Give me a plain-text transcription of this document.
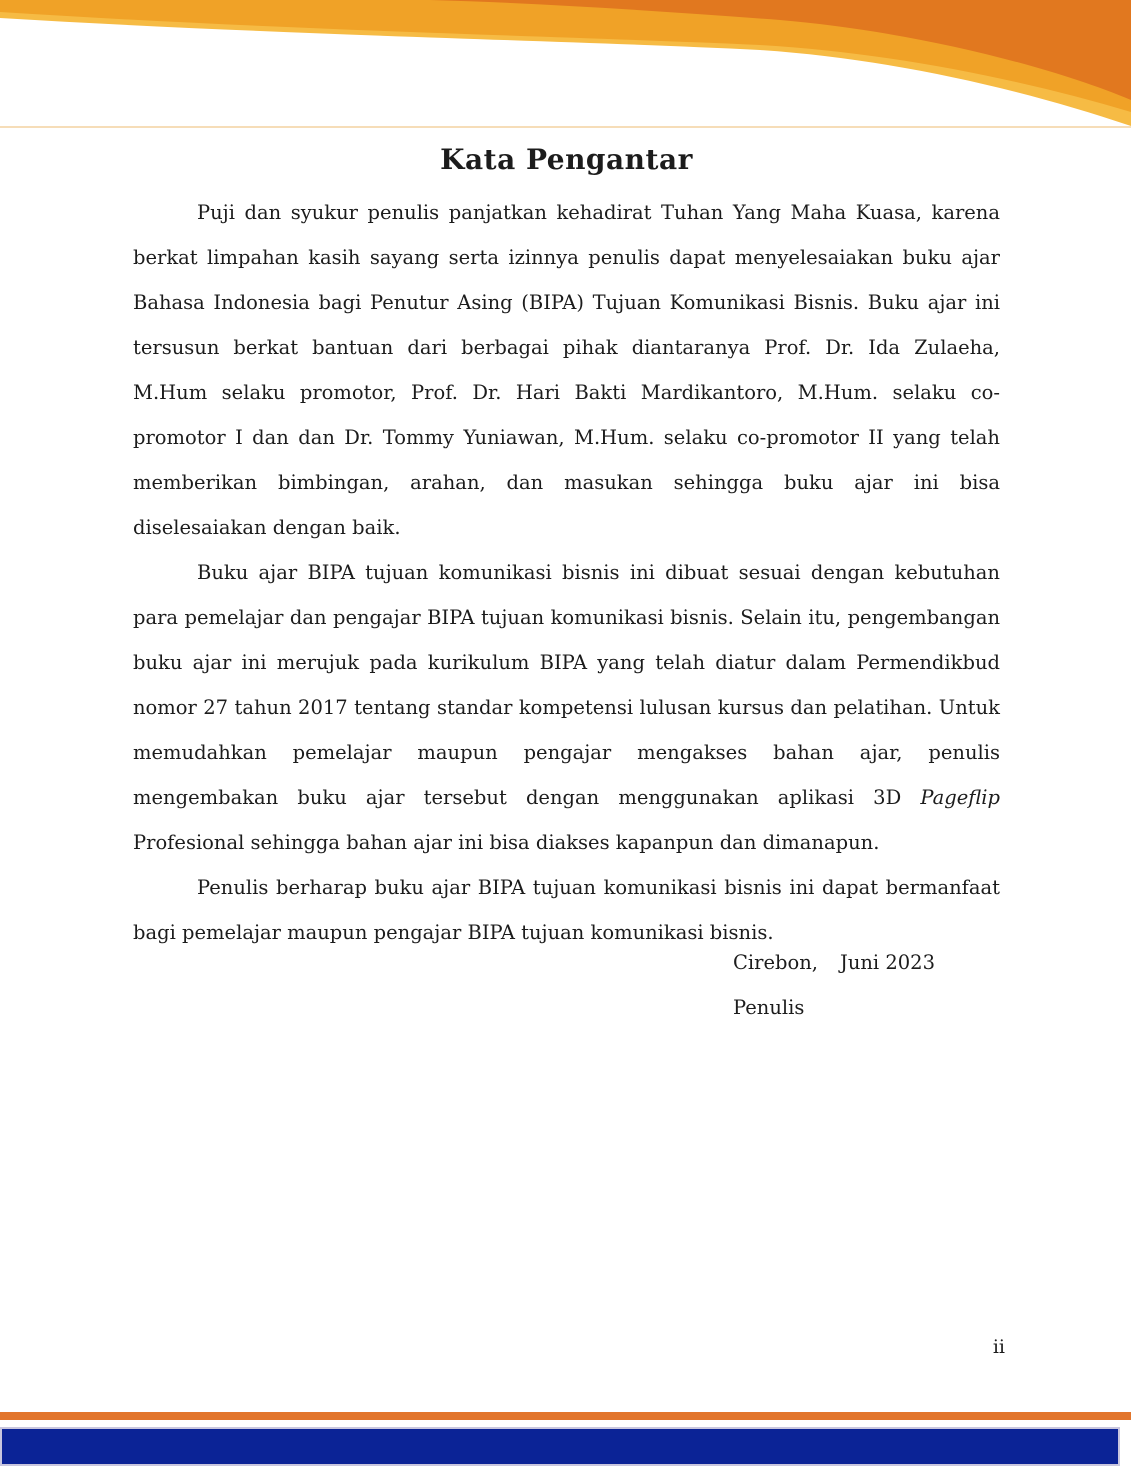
Kata Pengantar

Puji dan syukur penulis panjatkan kehadirat Tuhan Yang Maha Kuasa, karena berkat limpahan kasih sayang serta izinnya penulis dapat menyelesaiakan buku ajar Bahasa Indonesia bagi Penutur Asing (BIPA) Tujuan Komunikasi Bisnis. Buku ajar ini tersusun berkat bantuan dari berbagai pihak diantaranya Prof. Dr. Ida Zulaeha, M.Hum selaku promotor, Prof. Dr. Hari Bakti Mardikantoro, M.Hum. selaku co-promotor I dan dan Dr. Tommy Yuniawan, M.Hum. selaku co-promotor II yang telah memberikan bimbingan, arahan, dan masukan sehingga buku ajar ini bisa diselesaiakan dengan baik.

Buku ajar BIPA tujuan komunikasi bisnis ini dibuat sesuai dengan kebutuhan para pemelajar dan pengajar BIPA tujuan komunikasi bisnis. Selain itu, pengembangan buku ajar ini merujuk pada kurikulum BIPA yang telah diatur dalam Permendikbud nomor 27 tahun 2017 tentang standar kompetensi lulusan kursus dan pelatihan. Untuk memudahkan pemelajar maupun pengajar mengakses bahan ajar, penulis mengembakan buku ajar tersebut dengan menggunakan aplikasi 3D Pageflip Profesional sehingga bahan ajar ini bisa diakses kapanpun dan dimanapun.

Penulis berharap buku ajar BIPA tujuan komunikasi bisnis ini dapat bermanfaat bagi pemelajar maupun pengajar BIPA tujuan komunikasi bisnis.

Cirebon, Juni 2023
Penulis
ii
